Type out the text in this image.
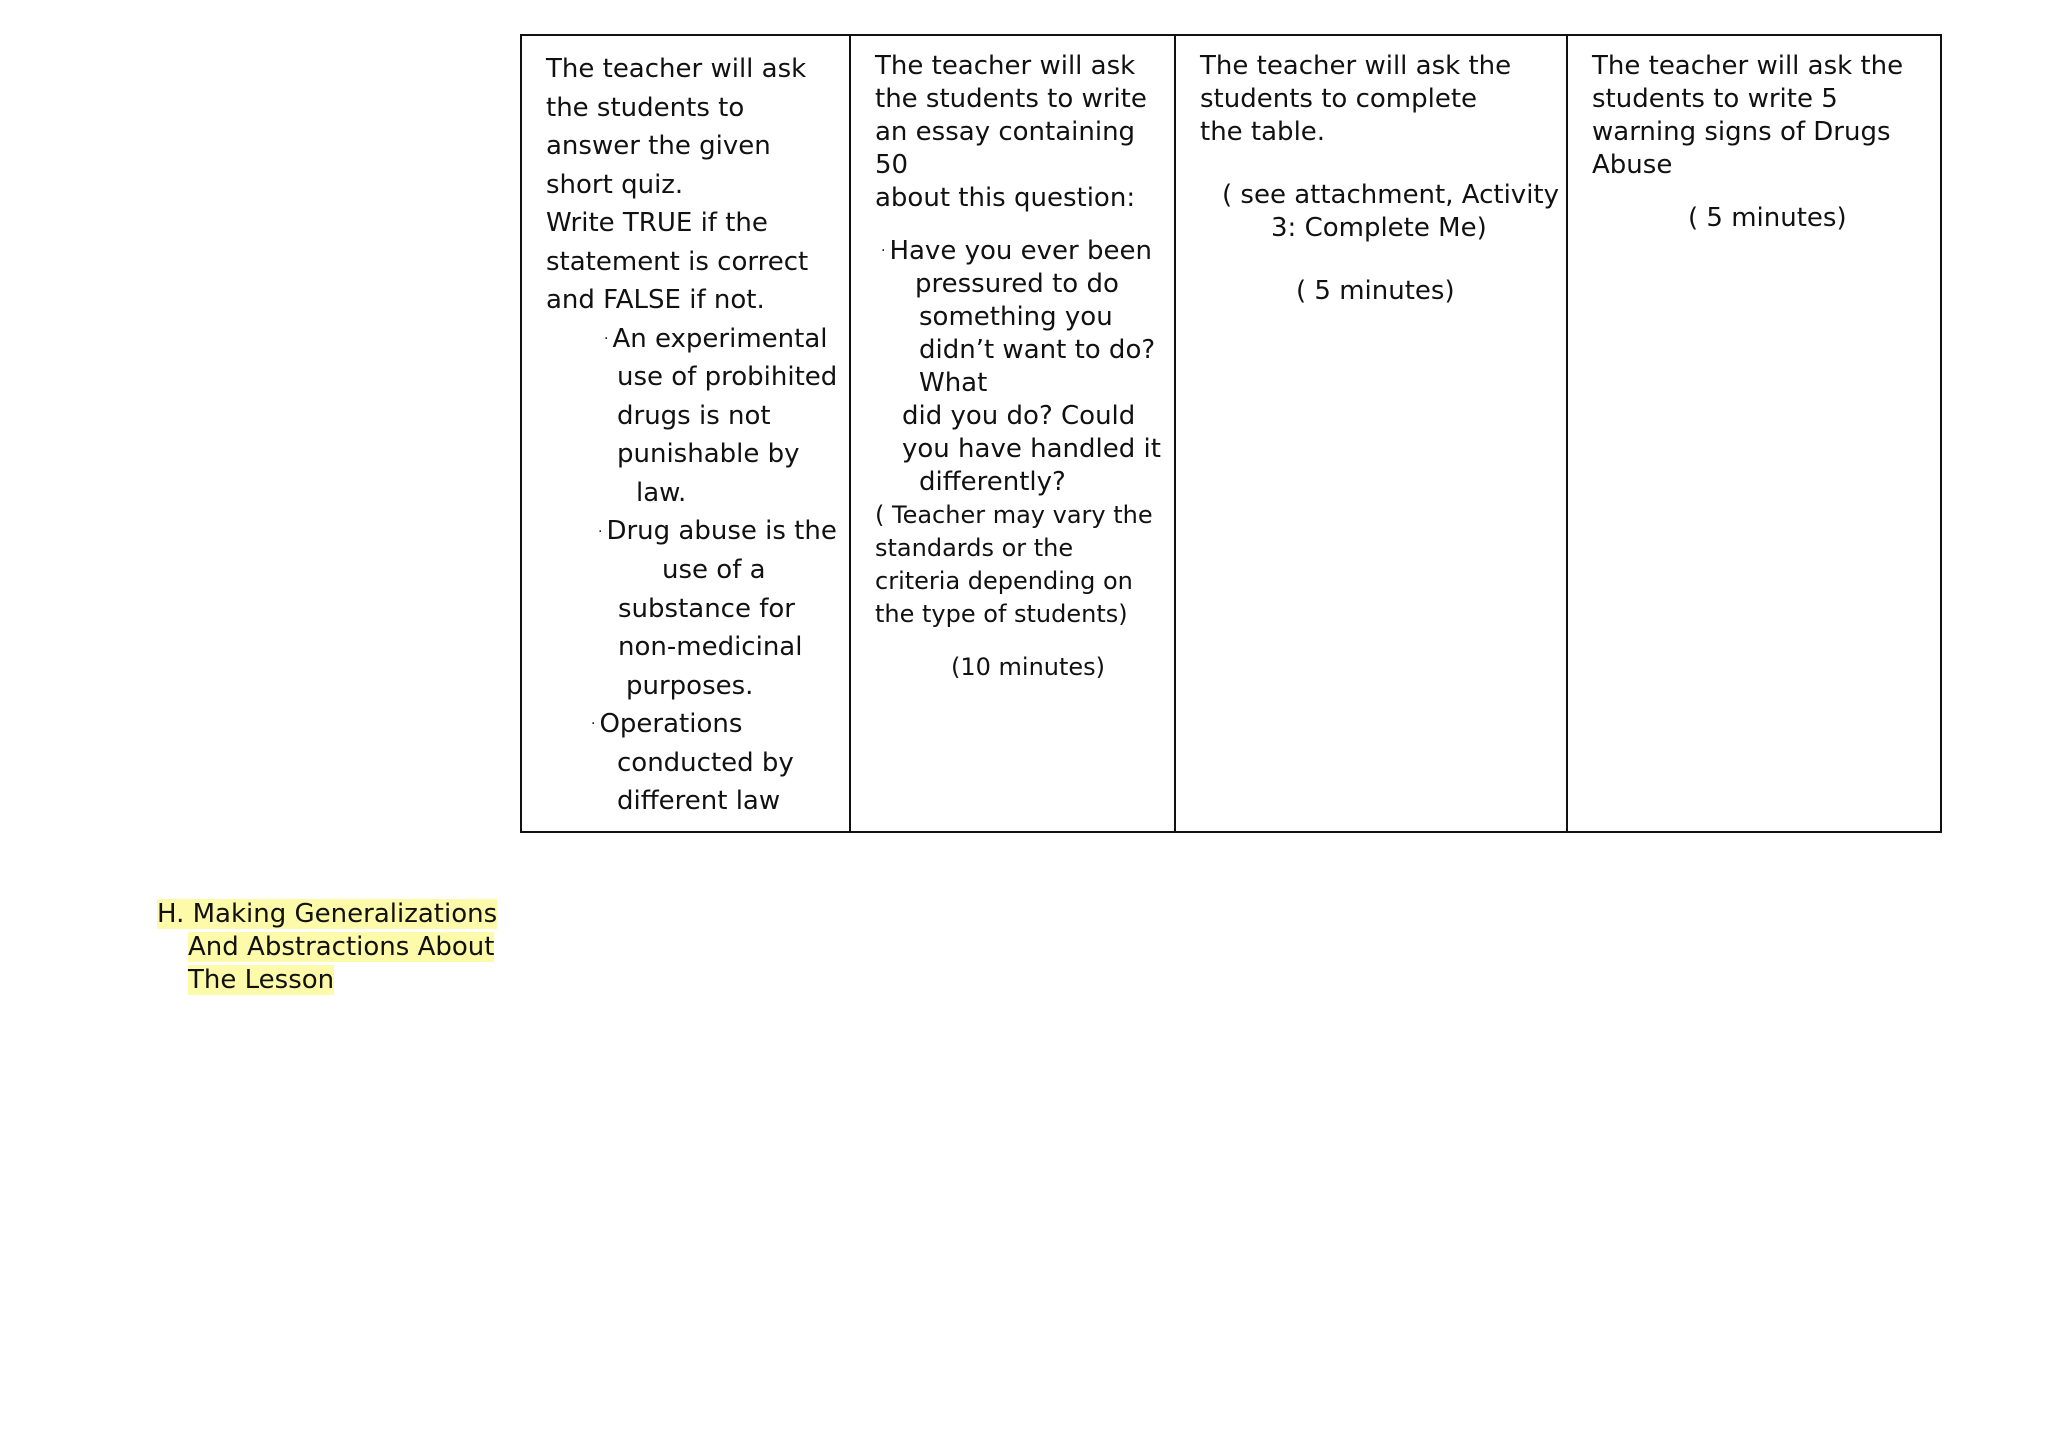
The teacher will ask
the students to
answer the given
short quiz.
Write TRUE if the
statement is correct
and FALSE if not.
· An experimental
use of probihited
drugs is not
punishable by
law.
· Drug abuse is the
use of a
substance for
non-medicinal
purposes.
· Operations
conducted by
different law

The teacher will ask
the students to write
an essay containing
50
about this question:
· Have you ever been
pressured to do
something you
didn’t want to do?
What
did you do? Could
you have handled it
differently?
( Teacher may vary the
standards or the
criteria depending on
the type of students)
(10 minutes)

The teacher will ask the
students to complete
the table.
( see attachment, Activity
3: Complete Me)
( 5 minutes)

The teacher will ask the
students to write 5
warning signs of Drugs
Abuse
( 5 minutes)
H. Making Generalizations
And Abstractions About
The Lesson
